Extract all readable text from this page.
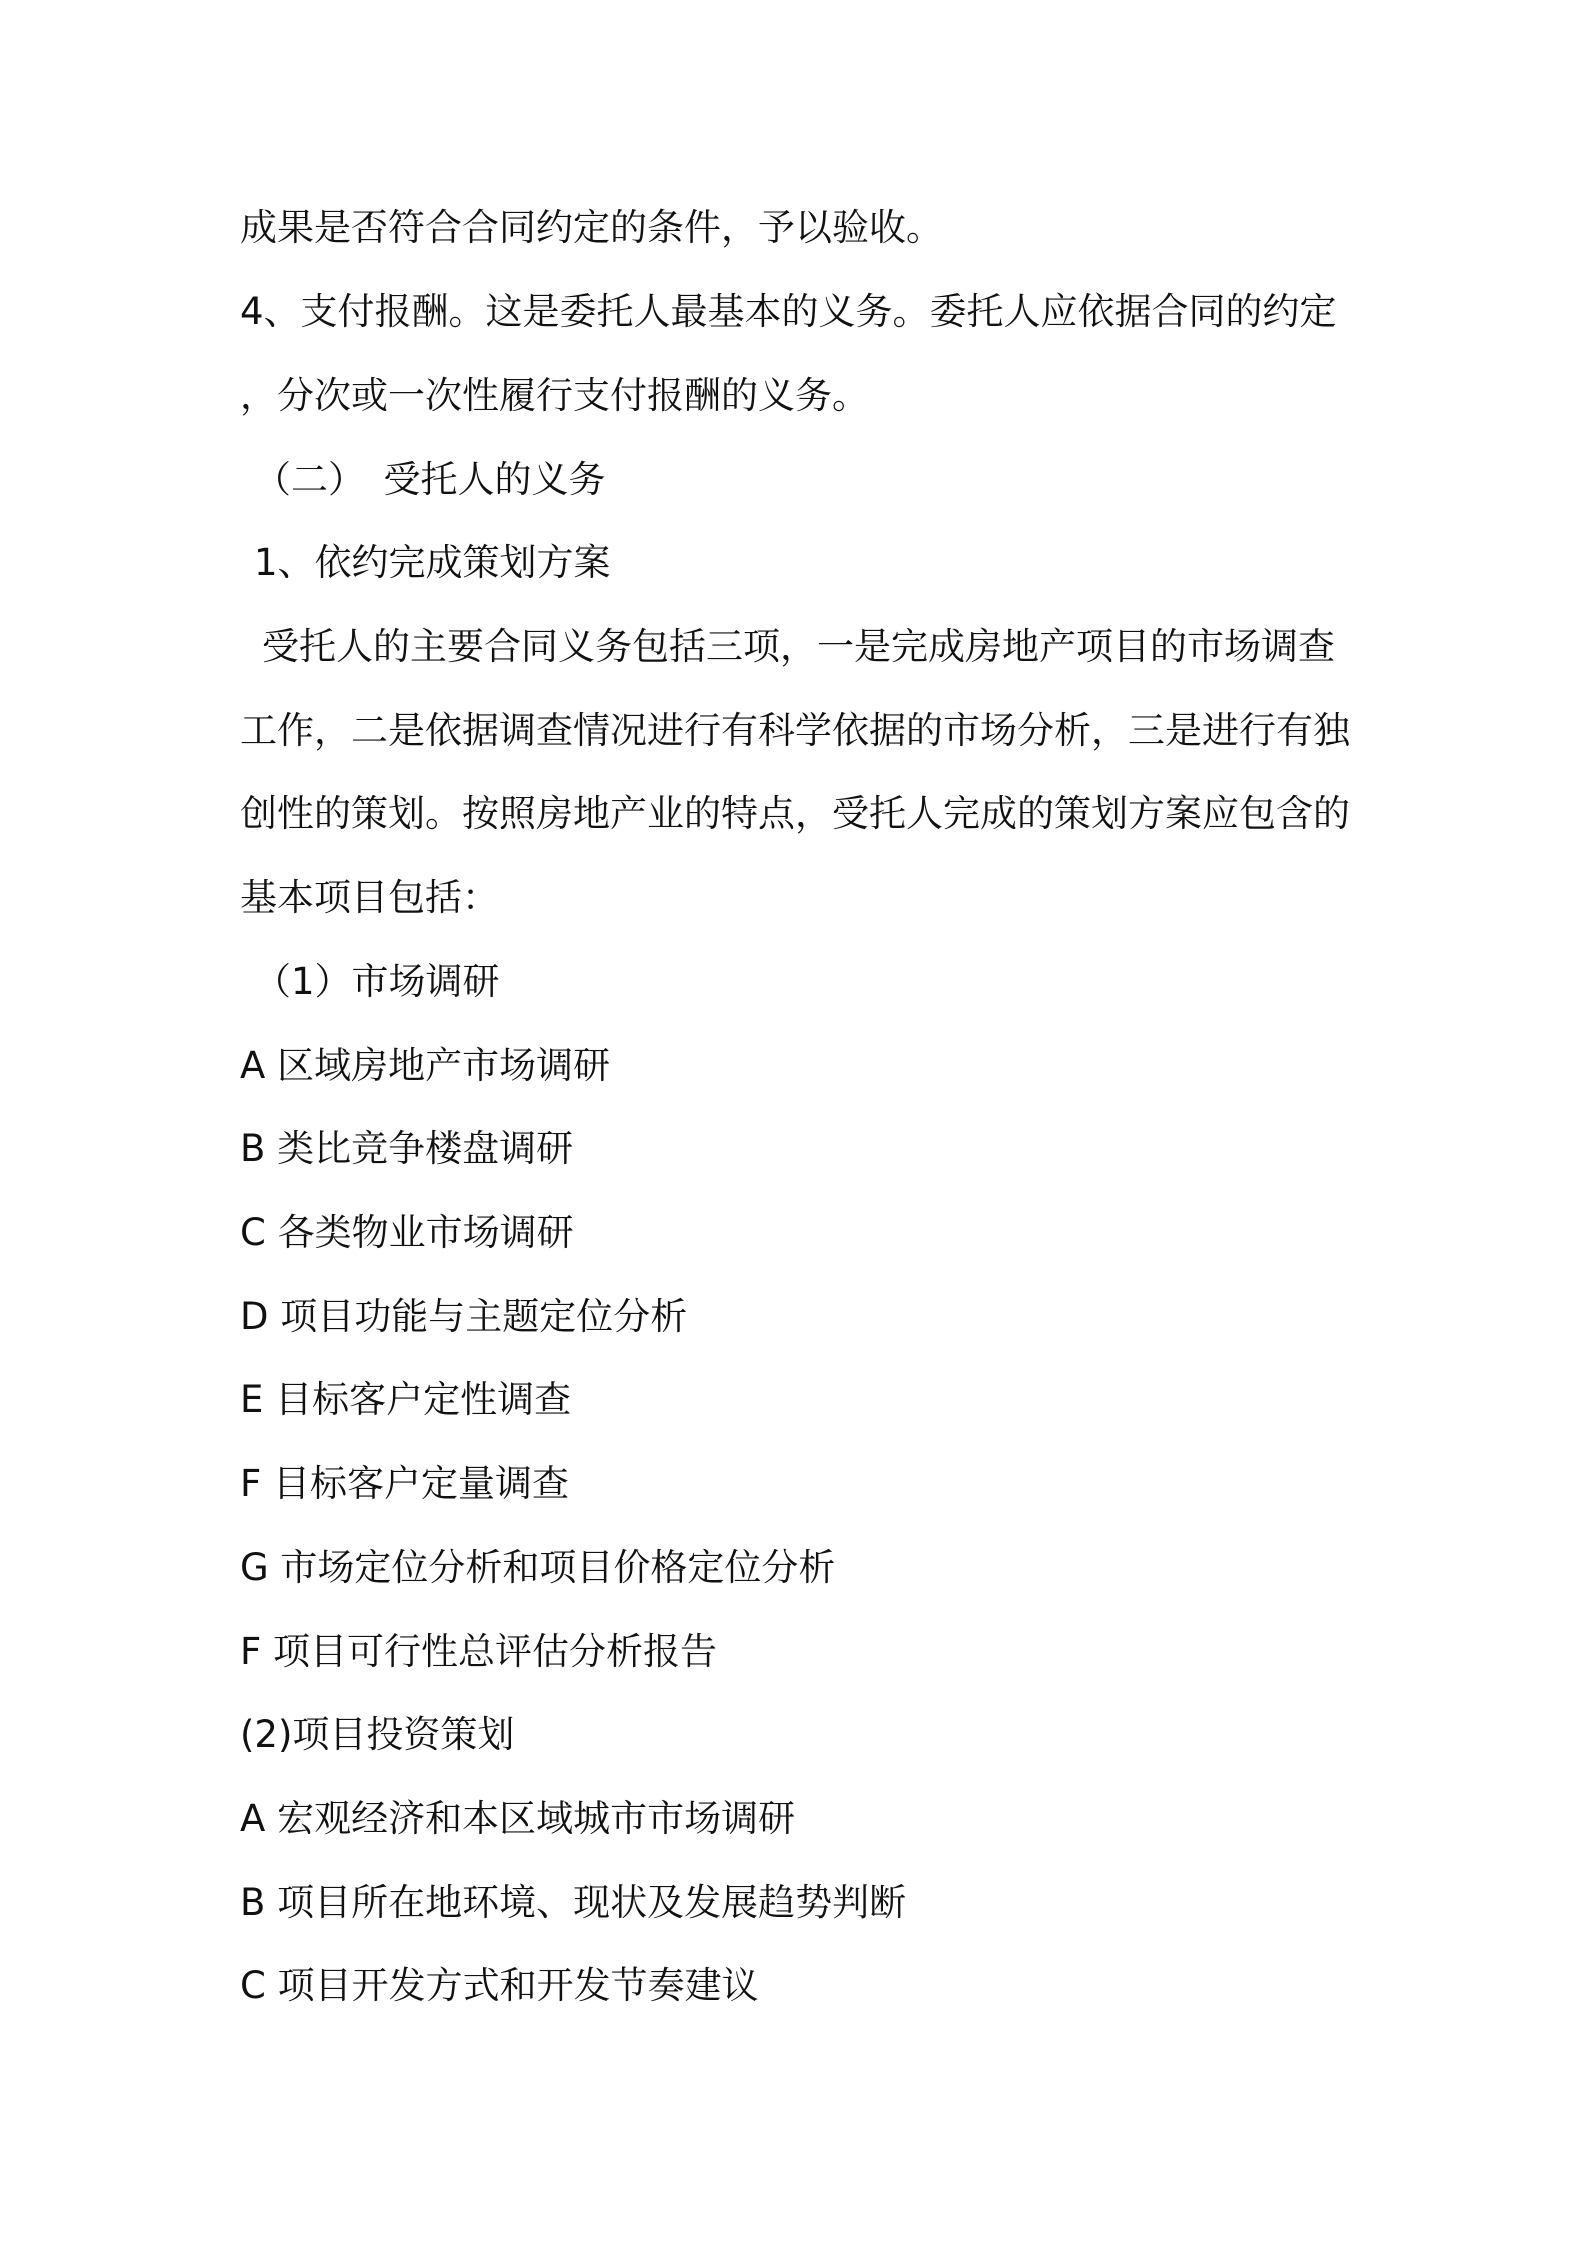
成果是否符合合同约定的条件，予以验收。
4、支付报酬。这是委托人最基本的义务。委托人应依据合同的约定
，分次或一次性履行支付报酬的义务。
（二）　受托人的义务
1、依约完成策划方案
受托人的主要合同义务包括三项，一是完成房地产项目的市场调查
工作，二是依据调查情况进行有科学依据的市场分析，三是进行有独
创性的策划。按照房地产业的特点，受托人完成的策划方案应包含的
基本项目包括：
（1）市场调研
A 区域房地产市场调研
B 类比竞争楼盘调研
C 各类物业市场调研
D 项目功能与主题定位分析
E 目标客户定性调查
F 目标客户定量调查
G 市场定位分析和项目价格定位分析
F 项目可行性总评估分析报告
(2)项目投资策划
A 宏观经济和本区域城市市场调研
B 项目所在地环境、现状及发展趋势判断
C 项目开发方式和开发节奏建议
